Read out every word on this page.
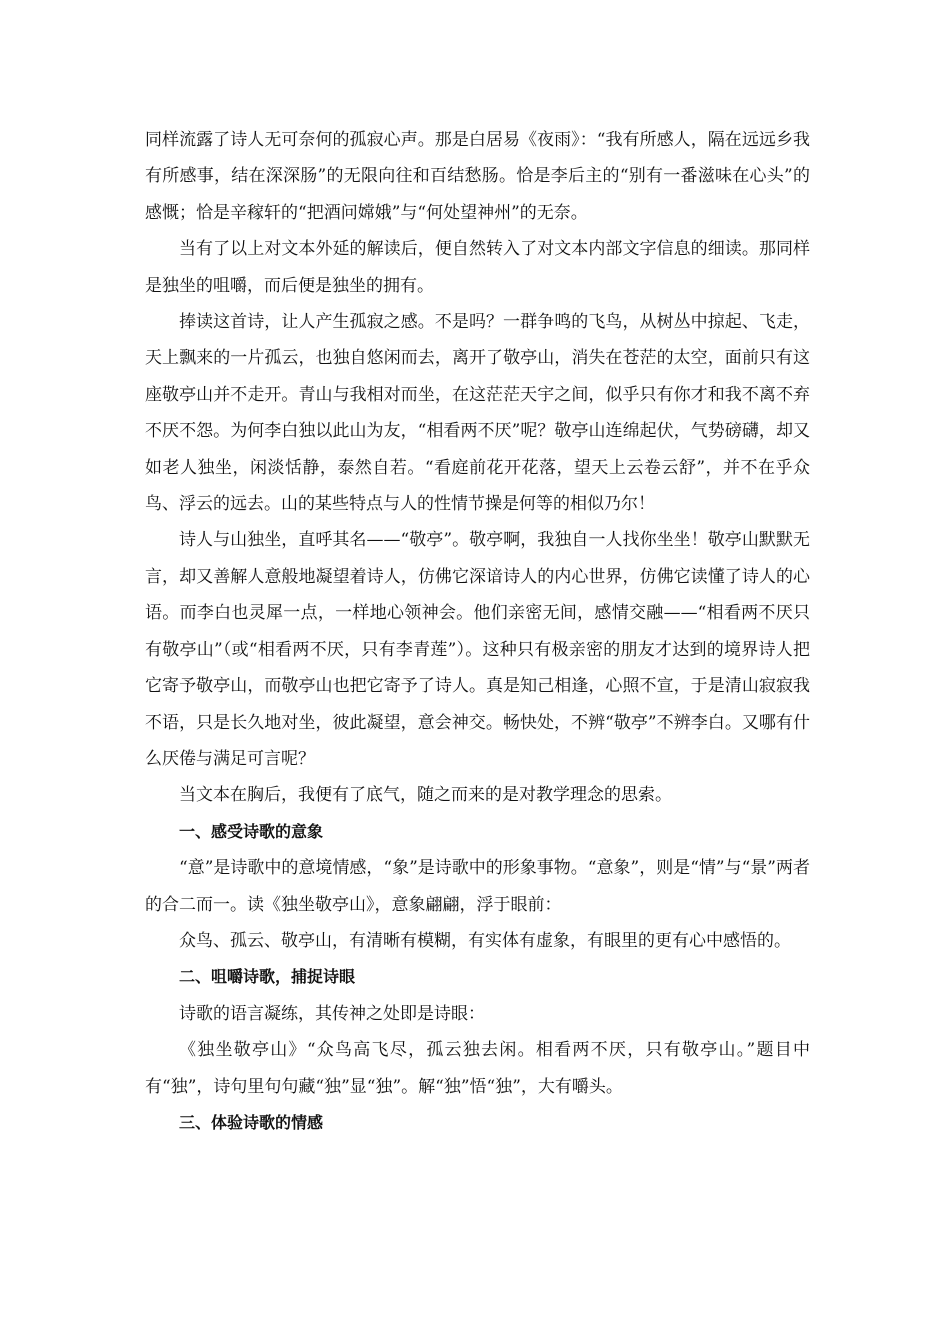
同样流露了诗人无可奈何的孤寂心声。那是白居易《夜雨》：“我有所感人，隔在远远乡我有所感事，结在深深肠”的无限向往和百结愁肠。恰是李后主的“别有一番滋味在心头”的感慨；恰是辛稼轩的“把酒问嫦娥”与“何处望神州”的无奈。

当有了以上对文本外延的解读后，便自然转入了对文本内部文字信息的细读。那同样是独坐的咀嚼，而后便是独坐的拥有。

捧读这首诗，让人产生孤寂之感。不是吗？一群争鸣的飞鸟，从树丛中掠起、飞走，天上飘来的一片孤云，也独自悠闲而去，离开了敬亭山，消失在苍茫的太空，面前只有这座敬亭山并不走开。青山与我相对而坐，在这茫茫天宇之间，似乎只有你才和我不离不弃不厌不怨。为何李白独以此山为友，“相看两不厌”呢？敬亭山连绵起伏，气势磅礴，却又如老人独坐，闲淡恬静，泰然自若。“看庭前花开花落，望天上云卷云舒”，并不在乎众鸟、浮云的远去。山的某些特点与人的性情节操是何等的相似乃尔！

诗人与山独坐，直呼其名——“敬亭”。敬亭啊，我独自一人找你坐坐！敬亭山默默无言，却又善解人意般地凝望着诗人，仿佛它深谙诗人的内心世界，仿佛它读懂了诗人的心语。而李白也灵犀一点，一样地心领神会。他们亲密无间，感情交融——“相看两不厌只有敬亭山”（或“相看两不厌，只有李青莲”）。这种只有极亲密的朋友才达到的境界诗人把它寄予敬亭山，而敬亭山也把它寄予了诗人。真是知己相逢，心照不宣，于是清山寂寂我不语，只是长久地对坐，彼此凝望，意会神交。畅快处，不辨“敬亭”不辨李白。又哪有什么厌倦与满足可言呢？

当文本在胸后，我便有了底气，随之而来的是对教学理念的思索。

一、感受诗歌的意象

“意”是诗歌中的意境情感，“象”是诗歌中的形象事物。“意象”，则是“情”与“景”两者的合二而一。读《独坐敬亭山》，意象翩翩，浮于眼前：

众鸟、孤云、敬亭山，有清晰有模糊，有实体有虚象，有眼里的更有心中感悟的。

二、咀嚼诗歌，捕捉诗眼

诗歌的语言凝练，其传神之处即是诗眼：

《独坐敬亭山》“众鸟高飞尽，孤云独去闲。相看两不厌，只有敬亭山。”题目中有“独”，诗句里句句藏“独”显“独”。解“独”悟“独”，大有嚼头。

三、体验诗歌的情感
